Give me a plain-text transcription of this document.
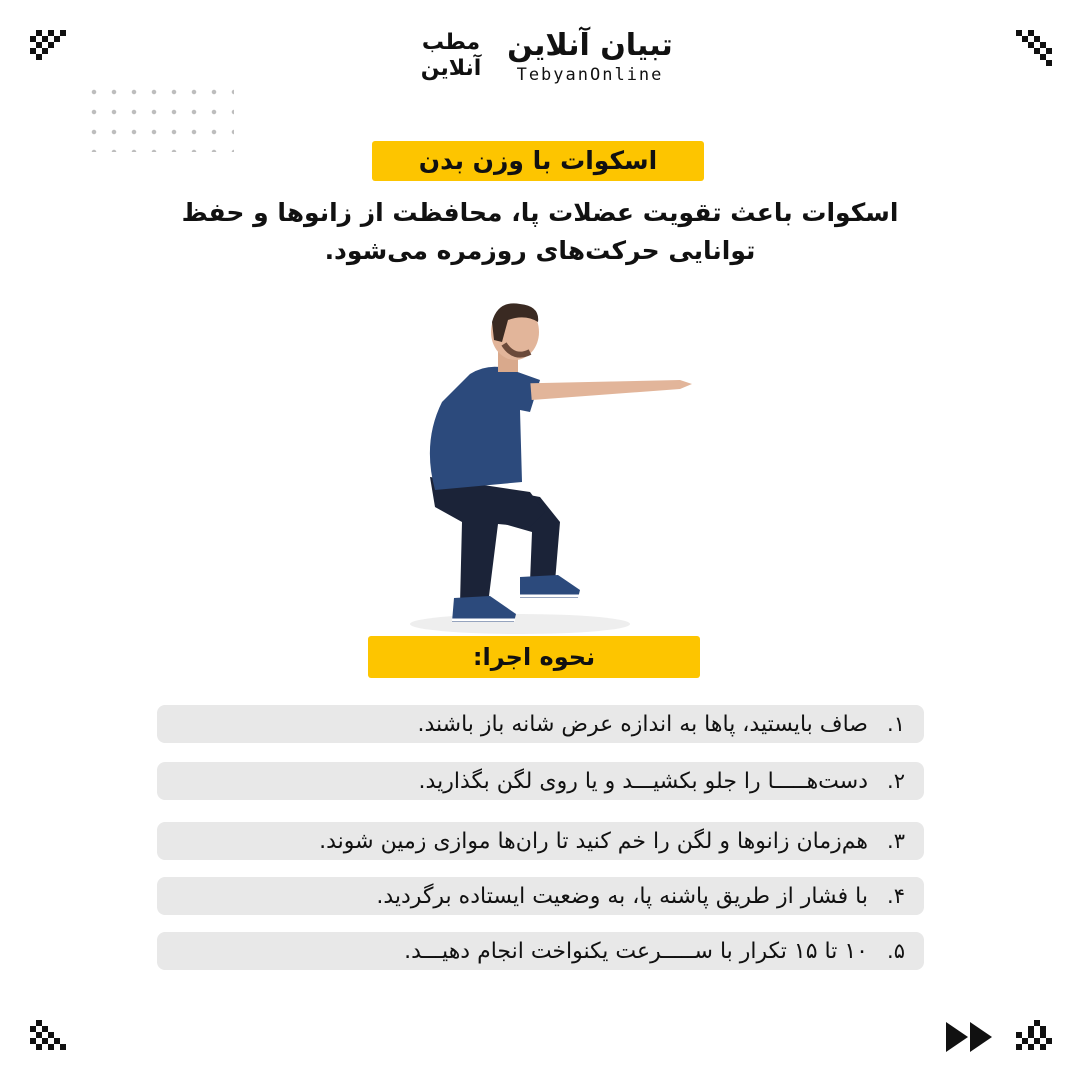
مطب
آنلاین
تبیان آنلاین
TebyanOnline
اسکوات با وزن بدن
اسکوات باعث تقویت عضلات پا، محافظت از زانوها و حفظ
توانایی حرکت‌های روزمره می‌شود.
نحوه اجرا:
۱.
صاف بایستید، پاها به اندازه عرض شانه باز باشند.
۲.
دست‌هـــــا را جلو بکشیـــد و یا روی لگن بگذارید.
۳.
هم‌زمان زانوها و لگن را خم کنید تا ران‌ها موازی زمین شوند.
۴.
با فشار از طریق پاشنه پا، به وضعیت ایستاده برگردید.
۵.
۱۰ تا ۱۵ تکرار با ســـــرعت یکنواخت انجام دهیـــد.
